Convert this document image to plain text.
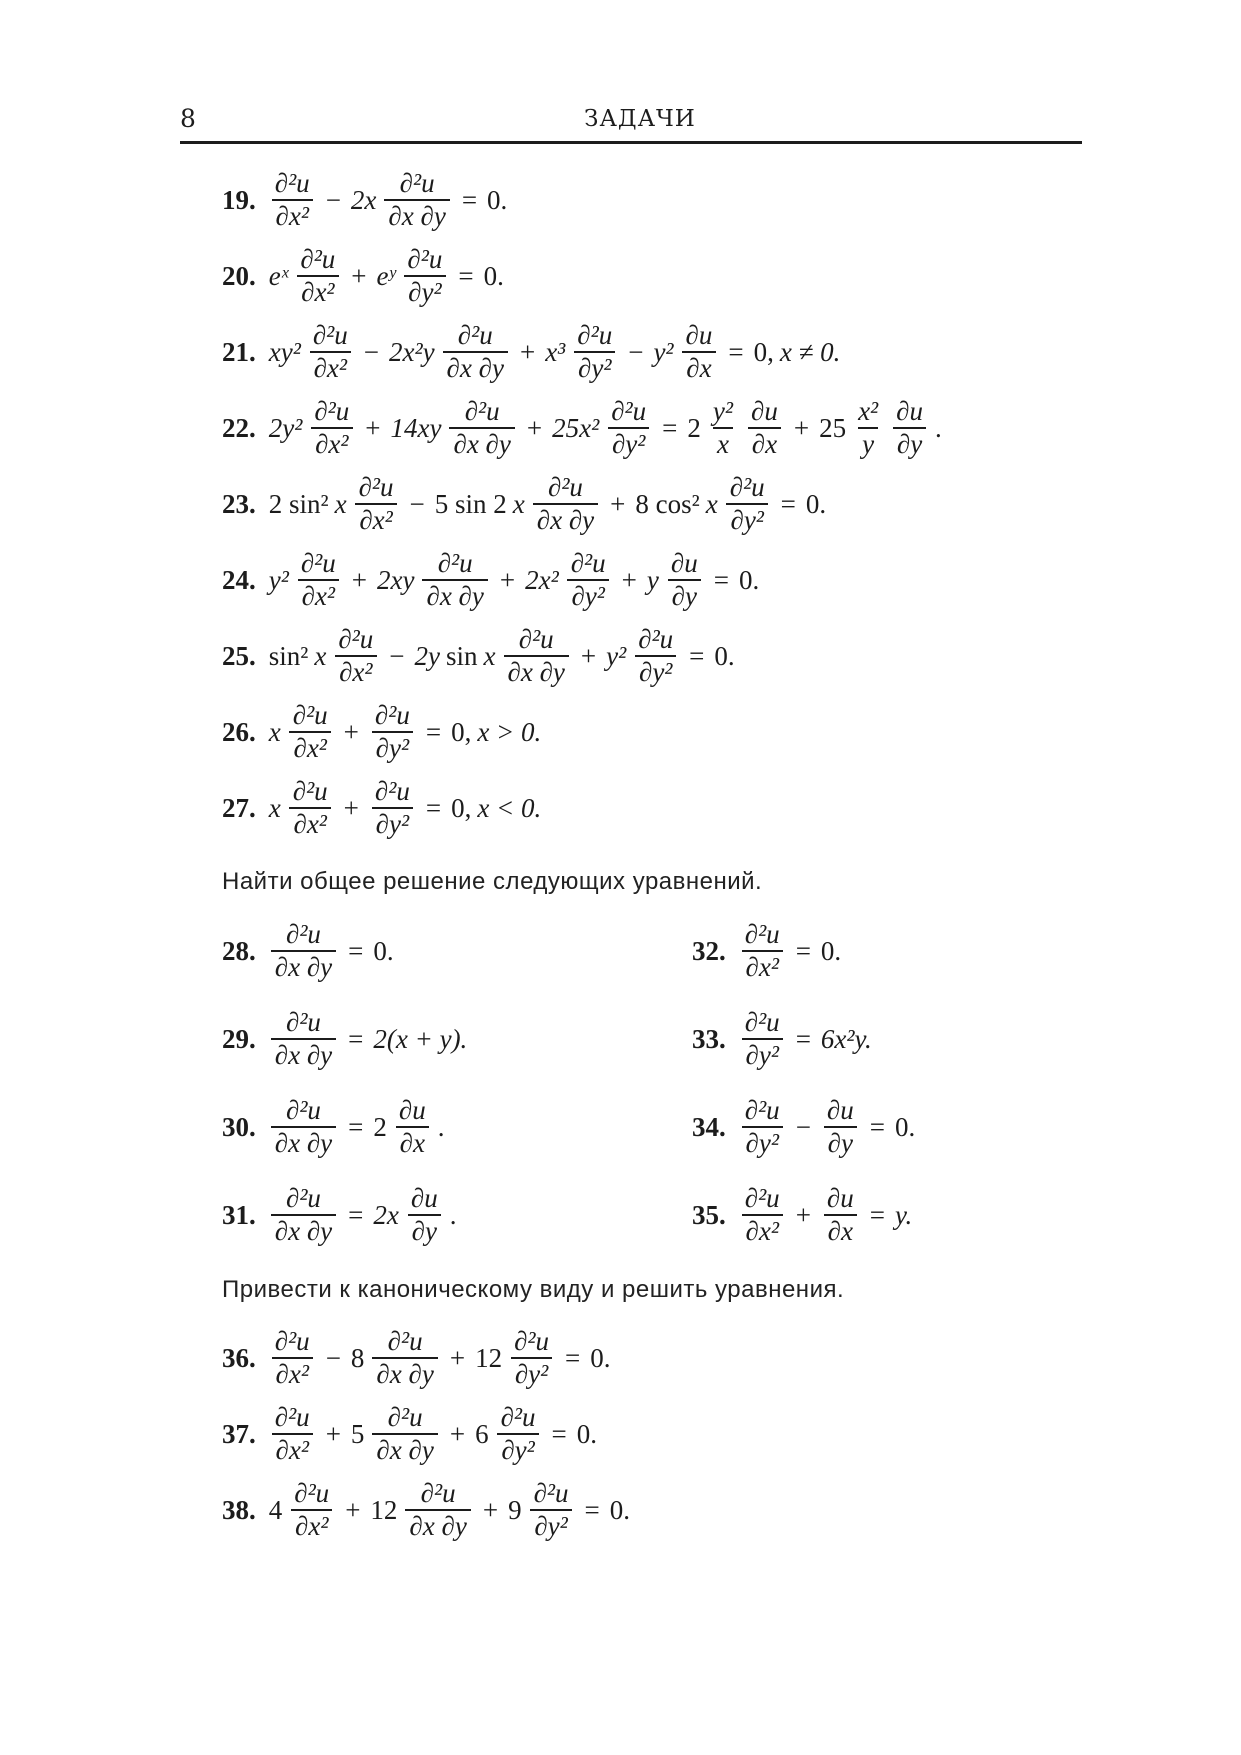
8	ЗАДАЧИ
19 . $\frac{\text{∂²u}}{\text{∂x²}} - 2x \frac{\text{∂²u}}{\partial x \partial y} = 0$.
20 . eˣ $\frac{\text{∂²u}}{\text{∂x²}}$ + eʸ $\frac{\text{∂²u}}{\text{∂y²}} = 0$.
21 . $xy^2 \frac{\text{∂²u}}{\text{∂x²}} - 2x^2y \frac{\text{∂²u}}{\partial x \partial y} + x^3 \frac{\text{∂²u}}{\text{∂y²}} - y^2 \frac{\partial u}{\partial x} = 0$, x ≠ 0.
22 . $2y^2 \frac{\text{∂²u}}{\text{∂x²}} + 14xy \frac{\text{∂²u}}{\partial x \partial y} + 25x^2 \frac{\text{∂²u}}{\text{∂y²}} = 2 \frac{\text{y²}}{x} \frac{\partial u}{\partial x} + 25 \frac{\text{x²}}{y} \frac{\partial u}{\partial y}$ .
23 . 2 sin² x $\frac{\text{∂²u}}{\text{∂x²}} - 5$ sin 2 x $\frac{\text{∂²u}}{\partial x \partial y} + 8$ cos² x $\frac{\text{∂²u}}{\text{∂y²}} = 0$.
24 . $y^2 \frac{\text{∂²u}}{\text{∂x²}} + 2xy \frac{\text{∂²u}}{\partial x \partial y} + 2x^2 \frac{\text{∂²u}}{\text{∂y²}} + y \frac{\partial u}{\partial y} = 0$.
25 . sin² x $\frac{\text{∂²u}}{\text{∂x²}} - 2y$ sin x $\frac{\text{∂²u}}{\partial x \partial y} + y^2 \frac{\text{∂²u}}{\text{∂y²}} = 0$.
26 . x $\frac{\text{∂²u}}{\text{∂x²}} + \frac{\text{∂²u}}{\text{∂y²}} = 0$, x > 0.
27 . x $\frac{\text{∂²u}}{\text{∂x²}} + \frac{\text{∂²u}}{\text{∂y²}} = 0$, x < 0.
Найти общее решение следующих уравнений.
28 . $\frac{\text{∂²u}}{\partial x \partial y} = 0$.	32 . $\frac{\text{∂²u}}{\text{∂x²}} = 0$.
29 . $\frac{\text{∂²u}}{\partial x \partial y} = 2(x + y)$.	33 . $\frac{\text{∂²u}}{\text{∂y²}} = 6x^2y$.
30 . $\frac{\text{∂²u}}{\partial x \partial y} = 2 \frac{\partial u}{\partial x}$ .	34 . $\frac{\text{∂²u}}{\text{∂y²}} - \frac{\partial u}{\partial y} = 0$.
31 . $\frac{\text{∂²u}}{\partial x \partial y} = 2x \frac{\partial u}{\partial y}$ .	35 . $\frac{\text{∂²u}}{\text{∂x²}} + \frac{\partial u}{\partial x} = y$.
Привести к каноническому виду и решить уравнения.
36 . $\frac{\text{∂²u}}{\text{∂x²}} - 8 \frac{\text{∂²u}}{\partial x \partial y} + 12 \frac{\text{∂²u}}{\text{∂y²}} = 0$.
37 . $\frac{\text{∂²u}}{\text{∂x²}} + 5 \frac{\text{∂²u}}{\partial x \partial y} + 6 \frac{\text{∂²u}}{\text{∂y²}} = 0$.
38 . $4 \frac{\text{∂²u}}{\text{∂x²}} + 12 \frac{\text{∂²u}}{\partial x \partial y} + 9 \frac{\text{∂²u}}{\text{∂y²}} = 0$.
